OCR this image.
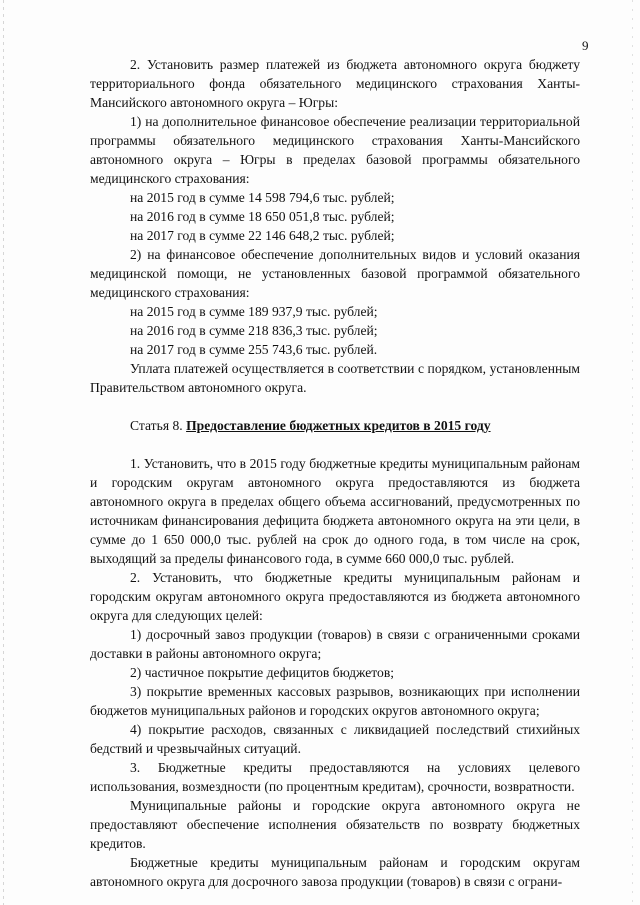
9

2. Установить размер платежей из бюджета автономного округа бюджету территориального фонда обязательного медицинского страхования Ханты-Мансийского автономного округа – Югры:

1) на дополнительное финансовое обеспечение реализации территориальной программы обязательного медицинского страхования Ханты-Мансийского автономного округа – Югры в пределах базовой программы обязательного медицинского страхования:

на 2015 год в сумме 14 598 794,6 тыс. рублей;

на 2016 год в сумме 18 650 051,8 тыс. рублей;

на 2017 год в сумме 22 146 648,2 тыс. рублей;

2) на финансовое обеспечение дополнительных видов и условий оказания медицинской помощи, не установленных базовой программой обязательного медицинского страхования:

на 2015 год в сумме 189 937,9 тыс. рублей;

на 2016 год в сумме 218 836,3 тыс. рублей;

на 2017 год в сумме 255 743,6 тыс. рублей.

Уплата платежей осуществляется в соответствии с порядком, установленным Правительством автономного округа.

Статья 8. Предоставление бюджетных кредитов в 2015 году

1. Установить, что в 2015 году бюджетные кредиты муниципальным районам и городским округам автономного округа предоставляются из бюджета автономного округа в пределах общего объема ассигнований, предусмотренных по источникам финансирования дефицита бюджета автономного округа на эти цели, в сумме до 1 650 000,0 тыс. рублей на срок до одного года, в том числе на срок, выходящий за пределы финансового года, в сумме 660 000,0 тыс. рублей.

2. Установить, что бюджетные кредиты муниципальным районам и городским округам автономного округа предоставляются из бюджета автономного округа для следующих целей:

1) досрочный завоз продукции (товаров) в связи с ограниченными сроками доставки в районы автономного округа;

2) частичное покрытие дефицитов бюджетов;

3) покрытие временных кассовых разрывов, возникающих при исполнении бюджетов муниципальных районов и городских округов автономного округа;

4) покрытие расходов, связанных с ликвидацией последствий стихийных бедствий и чрезвычайных ситуаций.

3. Бюджетные кредиты предоставляются на условиях целевого использования, возмездности (по процентным кредитам), срочности, возвратности.

Муниципальные районы и городские округа автономного округа не предоставляют обеспечение исполнения обязательств по возврату бюджетных кредитов.

Бюджетные кредиты муниципальным районам и городским округам автономного округа для досрочного завоза продукции (товаров) в связи с ограни-
